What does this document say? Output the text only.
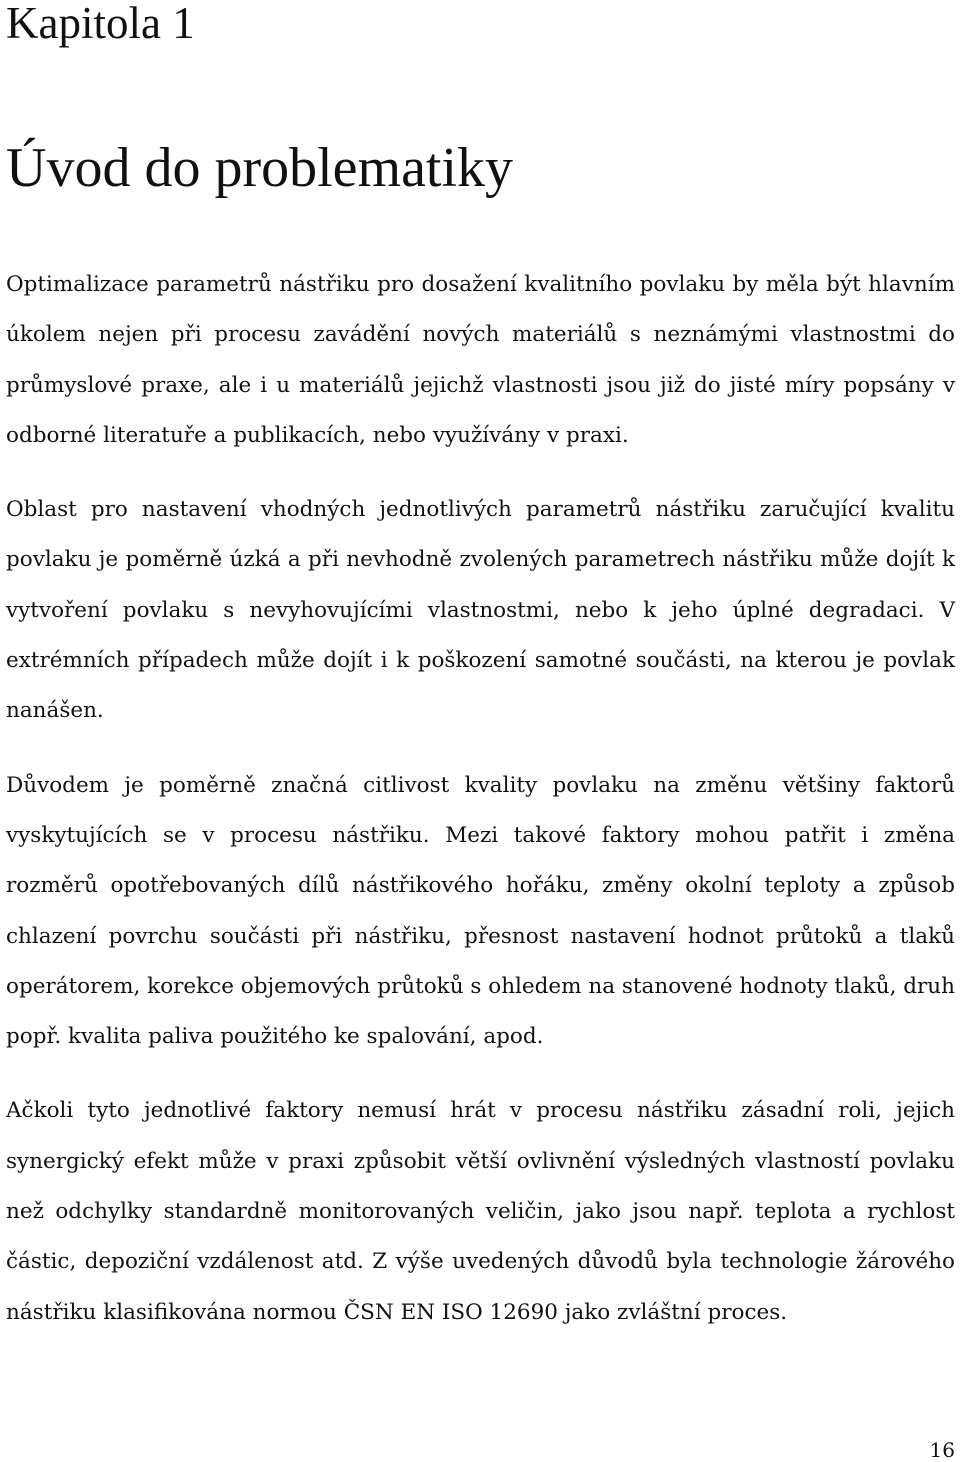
Kapitola 1
Úvod do problematiky

Optimalizace parametrů nástřiku pro dosažení kvalitního povlaku by měla být hlavním úkolem nejen při procesu zavádění nových materiálů s neznámými vlastnostmi do průmyslové praxe, ale i u materiálů jejichž vlastnosti jsou již do jisté míry popsány v odborné literatuře a publikacích, nebo využívány v praxi.

Oblast pro nastavení vhodných jednotlivých parametrů nástřiku zaručující kvalitu povlaku je poměrně úzká a při nevhodně zvolených parametrech nástřiku může dojít k vytvoření povlaku s nevyhovujícími vlastnostmi, nebo k jeho úplné degradaci. V extrémních případech může dojít i k poškození samotné součásti, na kterou je povlak nanášen.

Důvodem je poměrně značná citlivost kvality povlaku na změnu většiny faktorů vyskytujících se v procesu nástřiku. Mezi takové faktory mohou patřit i změna rozměrů opotřebovaných dílů nástřikového hořáku, změny okolní teploty a způsob chlazení povrchu součásti při nástřiku, přesnost nastavení hodnot průtoků a tlaků operátorem, korekce objemových průtoků s ohledem na stanovené hodnoty tlaků, druh popř. kvalita paliva použitého ke spalování, apod.

Ačkoli tyto jednotlivé faktory nemusí hrát v procesu nástřiku zásadní roli, jejich synergický efekt může v praxi způsobit větší ovlivnění výsledných vlastností povlaku než odchylky standardně monitorovaných veličin, jako jsou např. teplota a rychlost částic, depoziční vzdálenost atd. Z výše uvedených důvodů byla technologie žárového nástřiku klasifikována normou ČSN EN ISO 12690 jako zvláštní proces.

16
